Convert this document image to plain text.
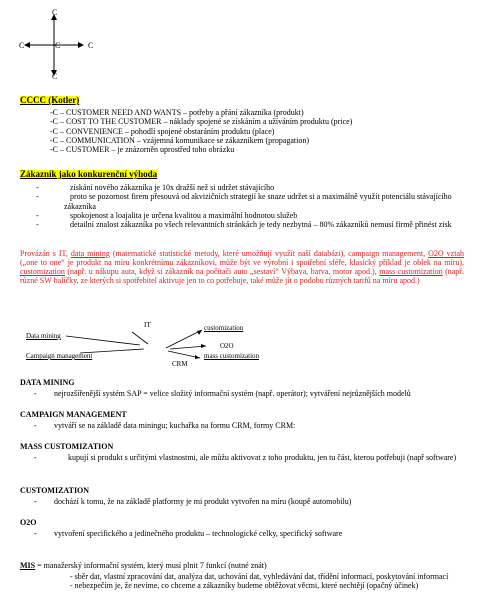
C
C	C	C
C
CCCC (Kotler)
-C – CUSTOMER NEED AND WANTS – potřeby a přání zákazníka (produkt)
-C – COST TO THE CUSTOMER – náklady spojené se získáním a užíváním produktu (price)
-C – CONVENIENCE – pohodlí spojené obstaráním produktu (place)
-C – COMMUNICATION – vzájemná komunikace se zákazníkem (propagation)
-C – CUSTOMER – je znázorněn uprostřed toho obrázku
Zákazník jako konkurenční výhoda
-	získání nového zákazníka je 10x dražší než si udržet stávajícího
-	proto se pozornost firem přesouvá od akvizičních strategií ke snaze udržet si a maximálně využít potenciálu stávajícího zákazníka
-	spokojenost a loajalita je určena kvalitou a maximální hodnotou služeb
-	detailní znalost zákazníka po všech relevantních stránkách je tedy nezbytná – 80% zákazníků nemusí firmě přinést zisk
Provázán s IT, data mining (matematické statistické metody, které umožňují využít naší databázi), campaign management, O2O vztah („one to one“ je produkt na míru konkrétnímu zákazníkovi, může být ve výrobní i spotřební sféře, klasický příklad je oblek na míru), customization (např. u nákupu auta, když si zákazník na počítači auto „sestaví“ Výbava, barva, motor apod.), mass customization (např. různé SW balíčky, ze kterých si spotřebitel aktivuje jen to co potřebuje, také může jít o podobu různých tarifů na míru apod.)
Data mining
Campaign management
IT
CRM
customization
O2O
mass customization
DATA MINING
- nejrozšířenější systém SAP = velice složitý informační systém (např. operátor); vytváření nejrůznějších modelů
CAMPAIGN MANAGEMENT
- vytváří se na základě data miningu; kuchařka na formu CRM, formy CRM:
MASS CUSTOMIZATION
-	kupují si produkt s určitými vlastnostmi, ale můžu aktivovat z toho produktu, jen tu část, kterou potřebuji (např software)
CUSTOMIZATION
- dochází k tomu, že na základě platformy je mi produkt vytvořen na míru (koupě automobilu)
O2O
- vytvoření specifického a jedinečného produktu – technologické celky, specifický software
MIS = manažerský informační systém, který musí plnit 7 funkcí (nutné znát)
- sběr dat, vlastní zpracování dat, analýza dat, uchování dat, vyhledávání dat, třídění informací, poskytování informací
- nebezpečím je, že nevíme, co chceme a zákazníky budeme obtěžovat věcmi, které nechtějí (opačný účinek)
